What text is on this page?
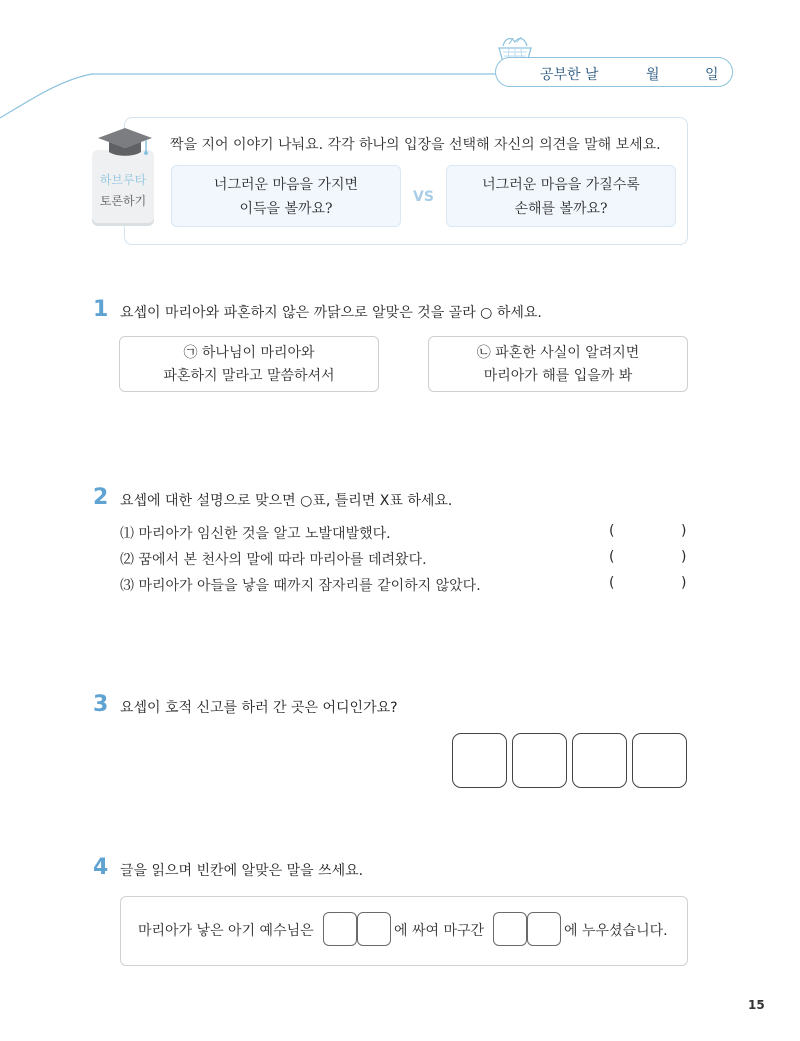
공부한 날	월	일
하브루타
토론하기
짝을 지어 이야기 나눠요. 각각 하나의 입장을 선택해 자신의 의견을 말해 보세요.
너그러운 마음을 가지면
이득을 볼까요?
VS
너그러운 마음을 가질수록
손해를 볼까요?
1 요셉이 마리아와 파혼하지 않은 까닭으로 알맞은 것을 골라 ○ 하세요.
㉠ 하나님이 마리아와
파혼하지 말라고 말씀하셔서
㉡ 파혼한 사실이 알려지면
마리아가 해를 입을까 봐
2 요셉에 대한 설명으로 맞으면 ○표, 틀리면 X표 하세요.
⑴ 마리아가 임신한 것을 알고 노발대발했다.	(	)
⑵ 꿈에서 본 천사의 말에 따라 마리아를 데려왔다.	(	)
⑶ 마리아가 아들을 낳을 때까지 잠자리를 같이하지 않았다.	(	)
3 요셉이 호적 신고를 하러 간 곳은 어디인가요?
4 글을 읽으며 빈칸에 알맞은 말을 쓰세요.
마리아가 낳은 아기 예수님은	에 싸여 마구간	에 누우셨습니다.
15
